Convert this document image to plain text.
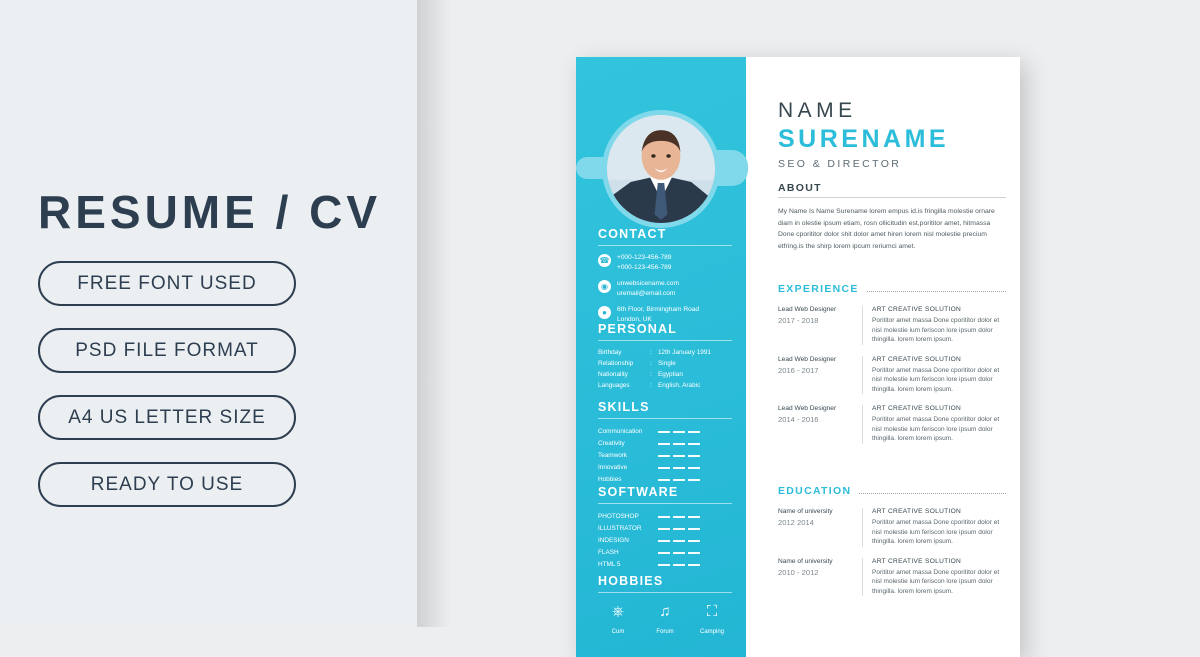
RESUME / CV
FREE FONT USED
PSD FILE FORMAT
A4 US LETTER SIZE
READY TO USE
CONTACT
☎ +000-123-456-789
+000-123-456-789
◉	unwebsicename.com
uremail@email.com
●	6th Floor, Birmingham Road
London, UK
PERSONAL
Birthday	: 12th January 1991
Relationship	: Single
Nationality	: Egyptian
Languages	: English, Arabic
SKILLS
Communication
Creativity
Teamwork
Innovative
Hobbies
SOFTWARE
PHOTOSHOP
ILLUSTRATOR
INDESIGN
FLASH
HTML 5
HOBBIES
⎈
Cum
♫
Forum
⛶
Camping
NAME
SURENAME
SEO & DIRECTOR
ABOUT
My Name Is Name Surename lorem empus id.is fringilla molestie ornare diam in olestie ipsum etiam, rosn ollicitudin est,porititor amet, hitmassa Done cporititor dolor shit dolor amet hiren lorem nisl molestie precium etfring.is the shirp lorem ipcum reriumci amet.
EXPERIENCE
Lead Web Designer
2017 - 2018
ART CREATIVE SOLUTION
Porititor amet massa Done cporititor dolor et nisl molestie ium feriscon lore ipsum dolor thingilla. lorem lorem ipsum.
Lead Web Designer
2016 - 2017
ART CREATIVE SOLUTION
Porititor amet massa Done cporititor dolor et nisl molestie ium feriscon lore ipsum dolor thingilla. lorem lorem ipsum.
Lead Web Designer
2014 - 2016
ART CREATIVE SOLUTION
Porititor amet massa Done cporititor dolor et nisl molestie ium feriscon lore ipsum dolor thingilla. lorem lorem ipsum.
EDUCATION
Name of university
2012 2014
ART CREATIVE SOLUTION
Porititor amet massa Done cporititor dolor et nisl molestie ium feriscon lore ipsum dolor thingilla. lorem lorem ipsum.
Name of university
2010 - 2012
ART CREATIVE SOLUTION
Porititor amet massa Done cporititor dolor et nisl molestie ium feriscon lore ipsum dolor thingilla. lorem lorem ipsum.
